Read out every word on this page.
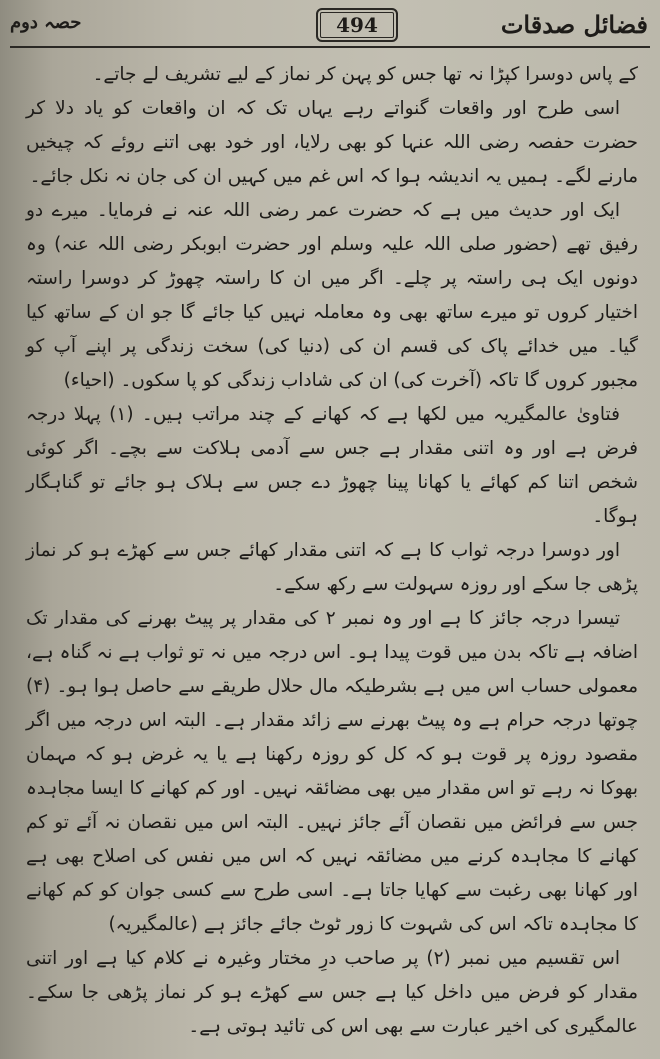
فضائل صدقات
494
حصہ دوم

کے پاس دوسرا کپڑا نہ تھا جس کو پہن کر نماز کے لیے تشریف لے جاتے۔

اسی طرح اور واقعات گنواتے رہے یہاں تک کہ ان واقعات کو یاد دلا کر حضرت حفصہ رضی اللہ عنہا کو بھی رلایا، اور خود بھی اتنے روئے کہ چیخیں مارنے لگے۔ ہمیں یہ اندیشہ ہوا کہ اس غم میں کہیں ان کی جان نہ نکل جائے۔

ایک اور حدیث میں ہے کہ حضرت عمر رضی اللہ عنہ نے فرمایا۔ میرے دو رفیق تھے (حضور صلی اللہ علیہ وسلم اور حضرت ابوبکر رضی اللہ عنہ) وہ دونوں ایک ہی راستہ پر چلے۔ اگر میں ان کا راستہ چھوڑ کر دوسرا راستہ اختیار کروں تو میرے ساتھ بھی وہ معاملہ نہیں کیا جائے گا جو ان کے ساتھ کیا گیا۔ میں خدائے پاک کی قسم ان کی (دنیا کی) سخت زندگی پر اپنے آپ کو مجبور کروں گا تاکہ (آخرت کی) ان کی شاداب زندگی کو پا سکوں۔ (احیاء)

فتاویٰ عالمگیریہ میں لکھا ہے کہ کھانے کے چند مراتب ہیں۔ (۱) پہلا درجہ فرض ہے اور وہ اتنی مقدار ہے جس سے آدمی ہلاکت سے بچے۔ اگر کوئی شخص اتنا کم کھائے یا کھانا پینا چھوڑ دے جس سے ہلاک ہو جائے تو گناہگار ہوگا۔

اور دوسرا درجہ ثواب کا ہے کہ اتنی مقدار کھائے جس سے کھڑے ہو کر نماز پڑھی جا سکے اور روزہ سہولت سے رکھ سکے۔

تیسرا درجہ جائز کا ہے اور وہ نمبر ۲ کی مقدار پر پیٹ بھرنے کی مقدار تک اضافہ ہے تاکہ بدن میں قوت پیدا ہو۔ اس درجہ میں نہ تو ثواب ہے نہ گناہ ہے، معمولی حساب اس میں ہے بشرطیکہ مال حلال طریقے سے حاصل ہوا ہو۔ (۴) چوتھا درجہ حرام ہے وہ پیٹ بھرنے سے زائد مقدار ہے۔ البتہ اس درجہ میں اگر مقصود روزہ پر قوت ہو کہ کل کو روزہ رکھنا ہے یا یہ غرض ہو کہ مہمان بھوکا نہ رہے تو اس مقدار میں بھی مضائقہ نہیں۔ اور کم کھانے کا ایسا مجاہدہ جس سے فرائض میں نقصان آئے جائز نہیں۔ البتہ اس میں نقصان نہ آئے تو کم کھانے کا مجاہدہ کرنے میں مضائقہ نہیں کہ اس میں نفس کی اصلاح بھی ہے اور کھانا بھی رغبت سے کھایا جاتا ہے۔ اسی طرح سے کسی جوان کو کم کھانے کا مجاہدہ تاکہ اس کی شہوت کا زور ٹوٹ جائے جائز ہے (عالمگیریہ)

اس تقسیم میں نمبر (۲) پر صاحب درِ مختار وغیرہ نے کلام کیا ہے اور اتنی مقدار کو فرض میں داخل کیا ہے جس سے کھڑے ہو کر نماز پڑھی جا سکے۔ عالمگیری کی اخیر عبارت سے بھی اس کی تائید ہوتی ہے۔
